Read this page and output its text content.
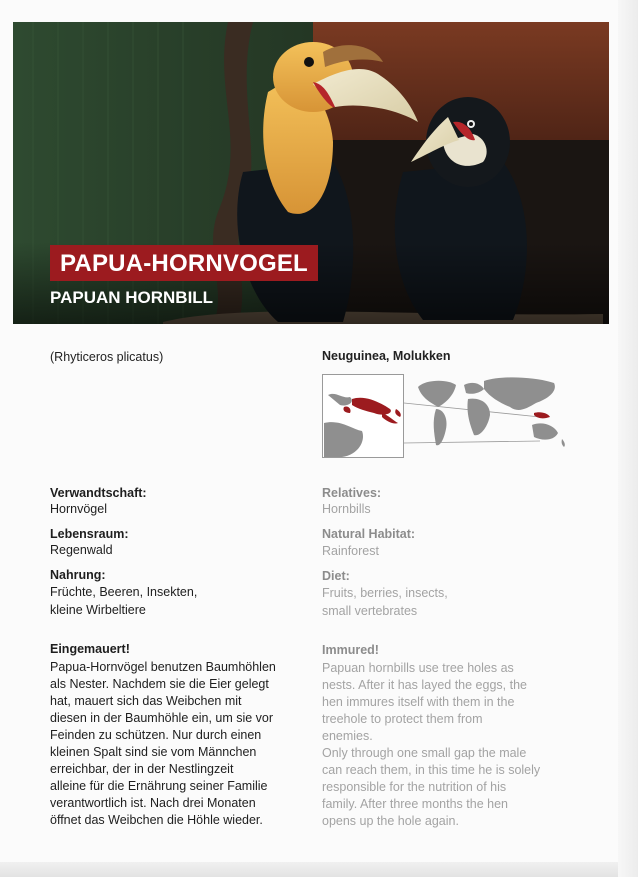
PAPUA-HORNVOGEL
PAPUAN HORNBILL
(Rhyticeros plicatus)	Neuguinea, Molukken
Verwandtschaft:
Hornvögel
Lebensraum:
Regenwald
Nahrung:
Früchte, Beeren, Insekten,
kleine Wirbeltiere
Eingemauert!
Papua-Hornvögel benutzen Baumhöhlen
als Nester. Nachdem sie die Eier gelegt
hat, mauert sich das Weibchen mit
diesen in der Baumhöhle ein, um sie vor
Feinden zu schützen. Nur durch einen
kleinen Spalt sind sie vom Männchen
erreichbar, der in der Nestlingzeit
alleine für die Ernährung seiner Familie
verantwortlich ist. Nach drei Monaten
öffnet das Weibchen die Höhle wieder.
Relatives:
Hornbills
Natural Habitat:
Rainforest
Diet:
Fruits, berries, insects,
small vertebrates
Immured!
Papuan hornbills use tree holes as
nests. After it has layed the eggs, the
hen immures itself with them in the
treehole to protect them from
enemies.
Only through one small gap the male
can reach them, in this time he is solely
responsible for the nutrition of his
family. After three months the hen
opens up the hole again.
